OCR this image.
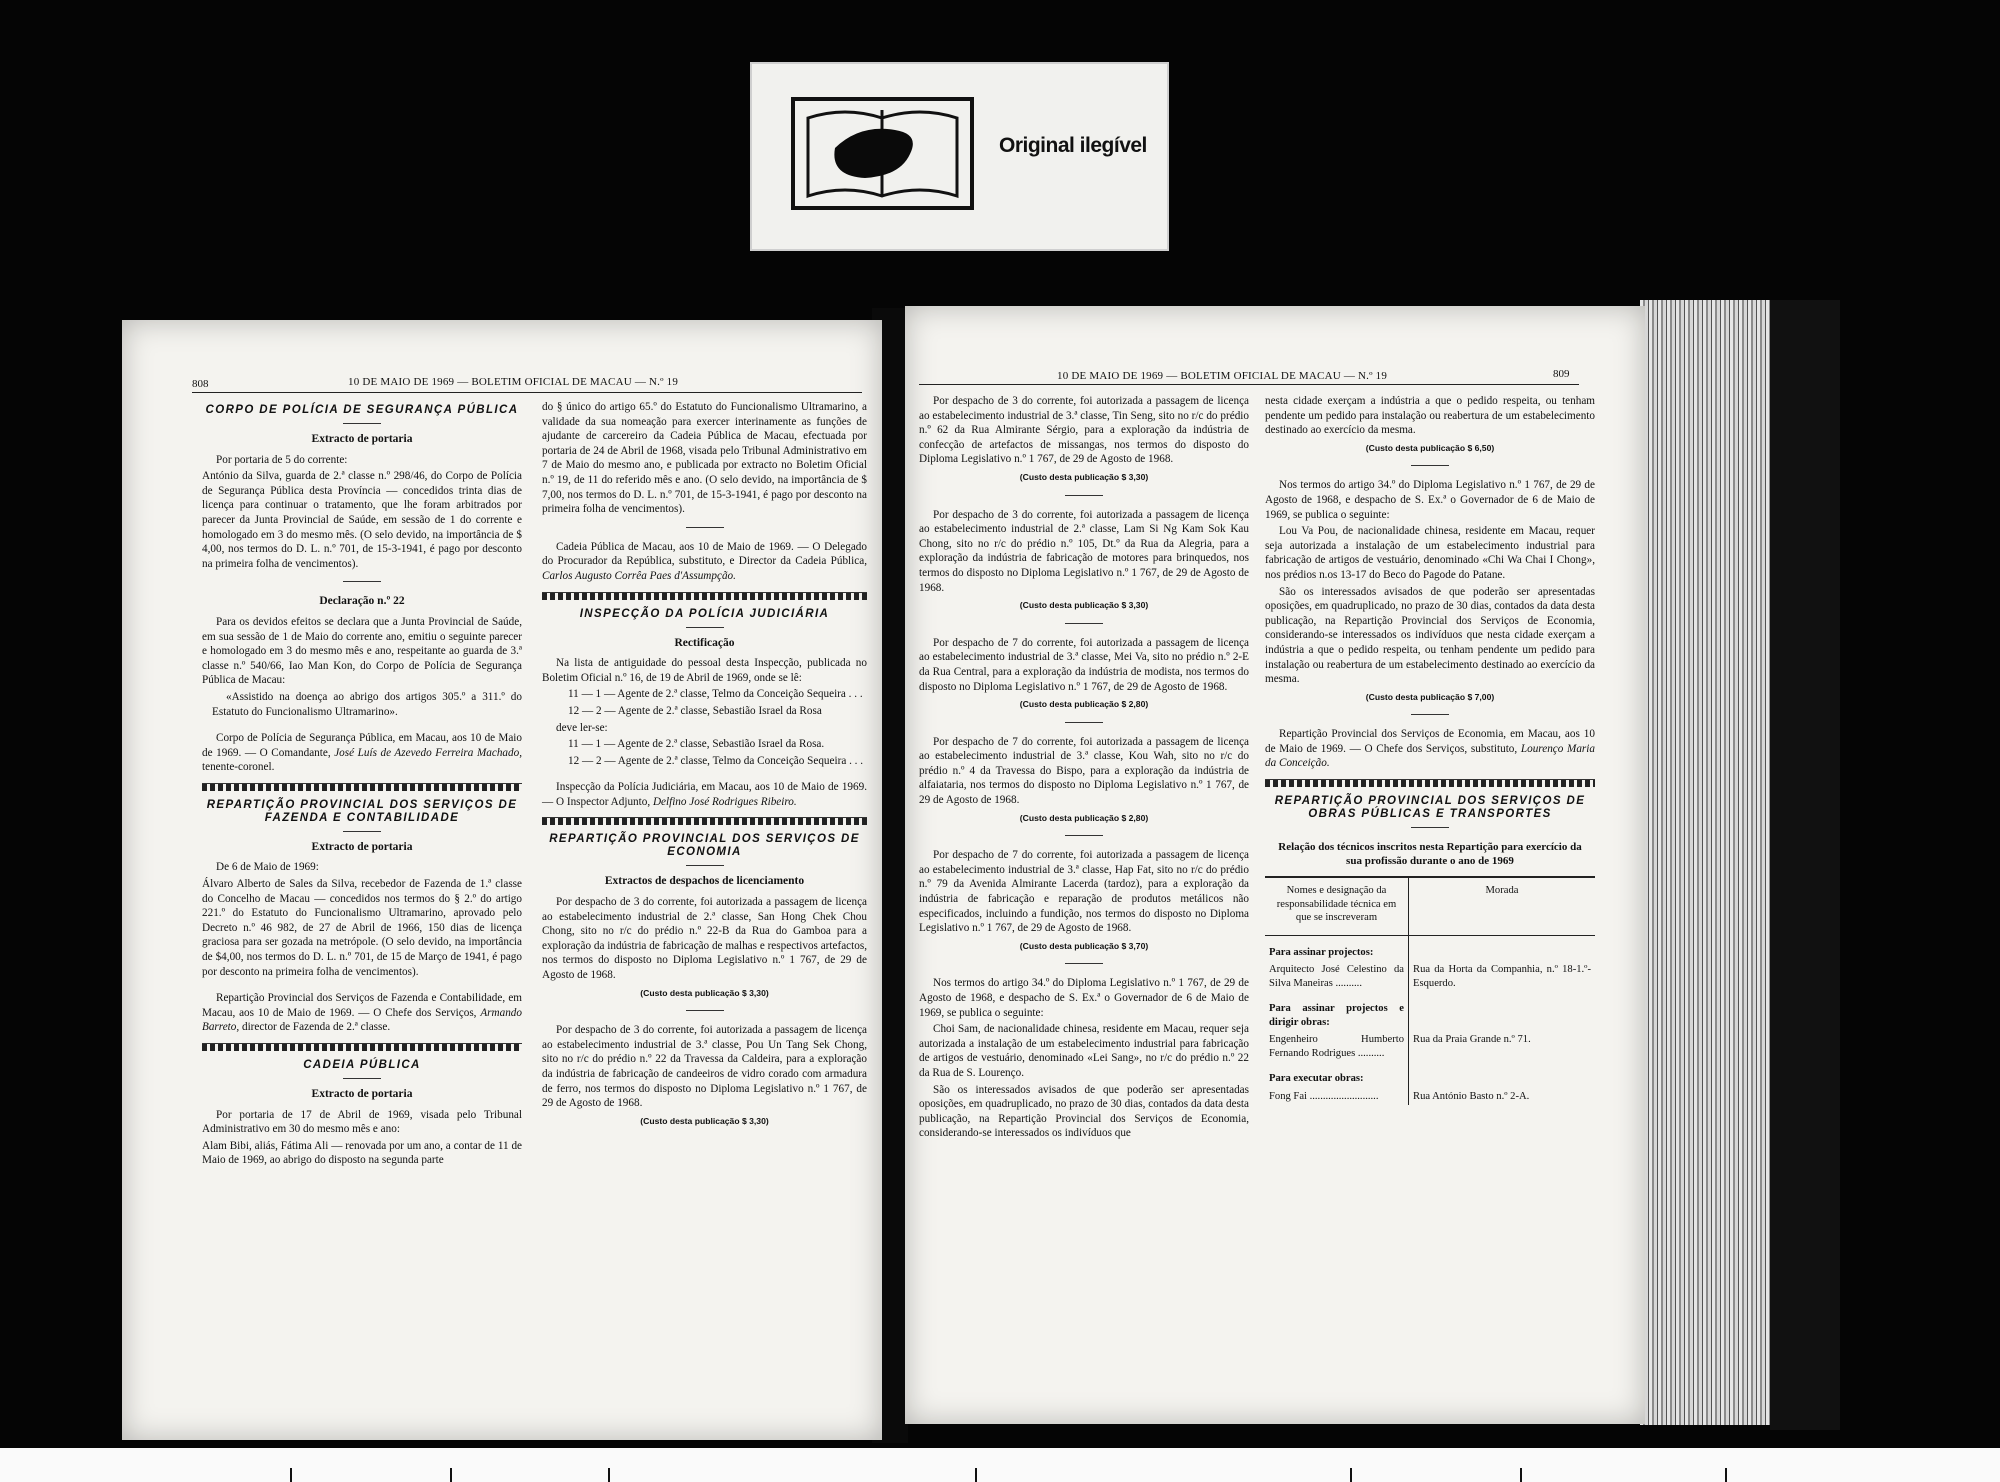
Original ilegível
808	10 DE MAIO DE 1969 — BOLETIM OFICIAL DE MACAU — N.º 19
CORPO DE POLÍCIA DE SEGURANÇA PÚBLICA
Extracto de portaria

Por portaria de 5 do corrente:

António da Silva, guarda de 2.ª classe n.º 298/46, do Corpo de Polícia de Segurança Pública desta Província — concedidos trinta dias de licença para continuar o tratamento, que lhe foram arbitrados por parecer da Junta Provincial de Saúde, em sessão de 1 do corrente e homologado em 3 do mesmo mês. (O selo devido, na importância de $ 4,00, nos termos do D. L. n.º 701, de 15-3-1941, é pago por desconto na primeira folha de vencimentos).

Declaração n.º 22

Para os devidos efeitos se declara que a Junta Provincial de Saúde, em sua sessão de 1 de Maio do corrente ano, emitiu o seguinte parecer e homologado em 3 do mesmo mês e ano, respeitante ao guarda de 3.ª classe n.º 540/66, Iao Man Kon, do Corpo de Polícia de Segurança Pública de Macau:

«Assistido na doença ao abrigo dos artigos 305.º a 311.º do Estatuto do Funcionalismo Ultramarino».

Corpo de Polícia de Segurança Pública, em Macau, aos 10 de Maio de 1969. — O Comandante, José Luís de Azevedo Ferreira Machado, tenente-coronel.

REPARTIÇÃO PROVINCIAL DOS SERVIÇOS DE FAZENDA E CONTABILIDADE
Extracto de portaria

De 6 de Maio de 1969:

Álvaro Alberto de Sales da Silva, recebedor de Fazenda de 1.ª classe do Concelho de Macau — concedidos nos termos do § 2.º do artigo 221.º do Estatuto do Funcionalismo Ultramarino, aprovado pelo Decreto n.º 46 982, de 27 de Abril de 1966, 150 dias de licença graciosa para ser gozada na metrópole. (O selo devido, na importância de $4,00, nos termos do D. L. n.º 701, de 15 de Março de 1941, é pago por desconto na primeira folha de vencimentos).

Repartição Provincial dos Serviços de Fazenda e Contabilidade, em Macau, aos 10 de Maio de 1969. — O Chefe dos Serviços, Armando Barreto, director de Fazenda de 2.ª classe.

CADEIA PÚBLICA
Extracto de portaria

Por portaria de 17 de Abril de 1969, visada pelo Tribunal Administrativo em 30 do mesmo mês e ano:

Alam Bibi, aliás, Fátima Ali — renovada por um ano, a contar de 11 de Maio de 1969, ao abrigo do disposto na segunda parte

do § único do artigo 65.º do Estatuto do Funcionalismo Ultramarino, a validade da sua nomeação para exercer interinamente as funções de ajudante de carcereiro da Cadeia Pública de Macau, efectuada por portaria de 24 de Abril de 1968, visada pelo Tribunal Administrativo em 7 de Maio do mesmo ano, e publicada por extracto no Boletim Oficial n.º 19, de 11 do referido mês e ano. (O selo devido, na importância de $ 7,00, nos termos do D. L. n.º 701, de 15-3-1941, é pago por desconto na primeira folha de vencimentos).

Cadeia Pública de Macau, aos 10 de Maio de 1969. — O Delegado do Procurador da República, substituto, e Director da Cadeia Pública, Carlos Augusto Corrêa Paes d'Assumpção.

INSPECÇÃO DA POLÍCIA JUDICIÁRIA
Rectificação

Na lista de antiguidade do pessoal desta Inspecção, publicada no Boletim Oficial n.º 16, de 19 de Abril de 1969, onde se lê:

11 — 1 — Agente de 2.ª classe, Telmo da Conceição Sequeira . . .

12 — 2 — Agente de 2.ª classe, Sebastião Israel da Rosa

deve ler-se:

11 — 1 — Agente de 2.ª classe, Sebastião Israel da Rosa.

12 — 2 — Agente de 2.ª classe, Telmo da Conceição Sequeira . . .

Inspecção da Polícia Judiciária, em Macau, aos 10 de Maio de 1969. — O Inspector Adjunto, Delfino José Rodrigues Ribeiro.

REPARTIÇÃO PROVINCIAL DOS SERVIÇOS DE ECONOMIA
Extractos de despachos de licenciamento

Por despacho de 3 do corrente, foi autorizada a passagem de licença ao estabelecimento industrial de 2.ª classe, San Hong Chek Chou Chong, sito no r/c do prédio n.º 22-B da Rua do Gamboa para a exploração da indústria de fabricação de malhas e respectivos artefactos, nos termos do disposto no Diploma Legislativo n.º 1 767, de 29 de Agosto de 1968.

(Custo desta publicação $ 3,30)

Por despacho de 3 do corrente, foi autorizada a passagem de licença ao estabelecimento industrial de 3.ª classe, Pou Un Tang Sek Chong, sito no r/c do prédio n.º 22 da Travessa da Caldeira, para a exploração da indústria de fabricação de candeeiros de vidro corado com armadura de ferro, nos termos do disposto no Diploma Legislativo n.º 1 767, de 29 de Agosto de 1968.

(Custo desta publicação $ 3,30)
10 DE MAIO DE 1969 — BOLETIM OFICIAL DE MACAU — N.º 19	809

Por despacho de 3 do corrente, foi autorizada a passagem de licença ao estabelecimento industrial de 3.ª classe, Tin Seng, sito no r/c do prédio n.º 62 da Rua Almirante Sérgio, para a exploração da indústria de confecção de artefactos de missangas, nos termos do disposto do Diploma Legislativo n.º 1 767, de 29 de Agosto de 1968.

(Custo desta publicação $ 3,30)

Por despacho de 3 do corrente, foi autorizada a passagem de licença ao estabelecimento industrial de 2.ª classe, Lam Si Ng Kam Sok Kau Chong, sito no r/c do prédio n.º 105, Dt.º da Rua da Alegria, para a exploração da indústria de fabricação de motores para brinquedos, nos termos do disposto no Diploma Legislativo n.º 1 767, de 29 de Agosto de 1968.

(Custo desta publicação $ 3,30)

Por despacho de 7 do corrente, foi autorizada a passagem de licença ao estabelecimento industrial de 3.ª classe, Mei Va, sito no prédio n.º 2-E da Rua Central, para a exploração da indústria de modista, nos termos do disposto no Diploma Legislativo n.º 1 767, de 29 de Agosto de 1968.

(Custo desta publicação $ 2,80)

Por despacho de 7 do corrente, foi autorizada a passagem de licença ao estabelecimento industrial de 3.ª classe, Kou Wah, sito no r/c do prédio n.º 4 da Travessa do Bispo, para a exploração da indústria de alfaiataria, nos termos do disposto no Diploma Legislativo n.º 1 767, de 29 de Agosto de 1968.

(Custo desta publicação $ 2,80)

Por despacho de 7 do corrente, foi autorizada a passagem de licença ao estabelecimento industrial de 3.ª classe, Hap Fat, sito no r/c do prédio n.º 79 da Avenida Almirante Lacerda (tardoz), para a exploração da indústria de fabricação e reparação de produtos metálicos não especificados, incluindo a fundição, nos termos do disposto no Diploma Legislativo n.º 1 767, de 29 de Agosto de 1968.

(Custo desta publicação $ 3,70)

Nos termos do artigo 34.º do Diploma Legislativo n.º 1 767, de 29 de Agosto de 1968, e despacho de S. Ex.ª o Governador de 6 de Maio de 1969, se publica o seguinte:

Choi Sam, de nacionalidade chinesa, residente em Macau, requer seja autorizada a instalação de um estabelecimento industrial para fabricação de artigos de vestuário, denominado «Lei Sang», no r/c do prédio n.º 22 da Rua de S. Lourenço.

São os interessados avisados de que poderão ser apresentadas oposições, em quadruplicado, no prazo de 30 dias, contados da data desta publicação, na Repartição Provincial dos Serviços de Economia, considerando-se interessados os indivíduos que

nesta cidade exerçam a indústria a que o pedido respeita, ou tenham pendente um pedido para instalação ou reabertura de um estabelecimento destinado ao exercício da mesma.

(Custo desta publicação $ 6,50)

Nos termos do artigo 34.º do Diploma Legislativo n.º 1 767, de 29 de Agosto de 1968, e despacho de S. Ex.ª o Governador de 6 de Maio de 1969, se publica o seguinte:

Lou Va Pou, de nacionalidade chinesa, residente em Macau, requer seja autorizada a instalação de um estabelecimento industrial para fabricação de artigos de vestuário, denominado «Chi Wa Chai I Chong», nos prédios n.os 13-17 do Beco do Pagode do Patane.

São os interessados avisados de que poderão ser apresentadas oposições, em quadruplicado, no prazo de 30 dias, contados da data desta publicação, na Repartição Provincial dos Serviços de Economia, considerando-se interessados os indivíduos que nesta cidade exerçam a indústria a que o pedido respeita, ou tenham pendente um pedido para instalação ou reabertura de um estabelecimento destinado ao exercício da mesma.

(Custo desta publicação $ 7,00)

Repartição Provincial dos Serviços de Economia, em Macau, aos 10 de Maio de 1969. — O Chefe dos Serviços, substituto, Lourenço Maria da Conceição.

REPARTIÇÃO PROVINCIAL DOS SERVIÇOS DE OBRAS PÚBLICAS E TRANSPORTES
Relação dos técnicos inscritos nesta Repartição para exercício da sua profissão durante o ano de 1969
Nomes e designação da responsabilidade técnica em que se inscreveram	Morada
Para assinar projectos:	
Arquitecto José Celestino da Silva Maneiras ..........	Rua da Horta da Companhia, n.º 18-1.º-Esquerdo.
Para assinar projectos e dirigir obras:	
Engenheiro Humberto Fernando Rodrigues ..........	Rua da Praia Grande n.º 71.
Para executar obras:	
Fong Fai ..........................	Rua António Basto n.º 2-A.
